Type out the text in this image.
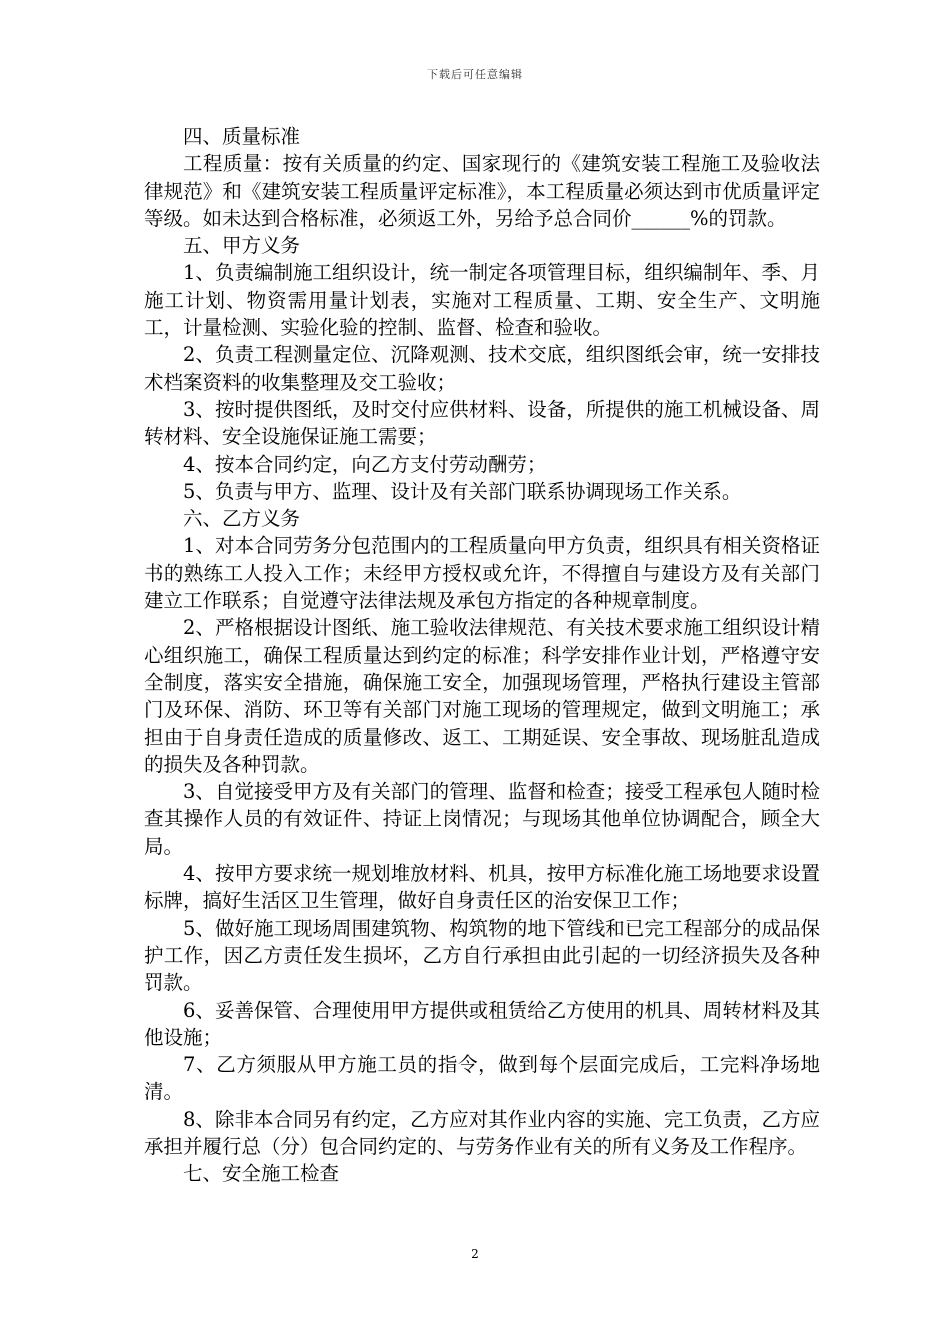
下载后可任意编辑

四、质量标准

工程质量：按有关质量的约定、国家现行的《建筑安装工程施工及验收法律规范》和《建筑安装工程质量评定标准》，本工程质量必须达到市优质量评定等级。如未达到合格标准，必须返工外，另给予总合同价______%的罚款。

五、甲方义务

1、负责编制施工组织设计，统一制定各项管理目标，组织编制年、季、月施工计划、物资需用量计划表，实施对工程质量、工期、安全生产、文明施工，计量检测、实验化验的控制、监督、检查和验收。

2、负责工程测量定位、沉降观测、技术交底，组织图纸会审，统一安排技术档案资料的收集整理及交工验收；

3、按时提供图纸，及时交付应供材料、设备，所提供的施工机械设备、周转材料、安全设施保证施工需要；

4、按本合同约定，向乙方支付劳动酬劳；

5、负责与甲方、监理、设计及有关部门联系协调现场工作关系。

六、乙方义务

1、对本合同劳务分包范围内的工程质量向甲方负责，组织具有相关资格证书的熟练工人投入工作；未经甲方授权或允许，不得擅自与建设方及有关部门建立工作联系；自觉遵守法律法规及承包方指定的各种规章制度。

2、严格根据设计图纸、施工验收法律规范、有关技术要求施工组织设计精心组织施工，确保工程质量达到约定的标准；科学安排作业计划，严格遵守安全制度，落实安全措施，确保施工安全，加强现场管理，严格执行建设主管部门及环保、消防、环卫等有关部门对施工现场的管理规定，做到文明施工；承担由于自身责任造成的质量修改、返工、工期延误、安全事故、现场脏乱造成的损失及各种罚款。

3、自觉接受甲方及有关部门的管理、监督和检查；接受工程承包人随时检查其操作人员的有效证件、持证上岗情况；与现场其他单位协调配合，顾全大局。

4、按甲方要求统一规划堆放材料、机具，按甲方标准化施工场地要求设置标牌，搞好生活区卫生管理，做好自身责任区的治安保卫工作；

5、做好施工现场周围建筑物、构筑物的地下管线和已完工程部分的成品保护工作，因乙方责任发生损坏，乙方自行承担由此引起的一切经济损失及各种罚款。

6、妥善保管、合理使用甲方提供或租赁给乙方使用的机具、周转材料及其他设施；

7、乙方须服从甲方施工员的指令，做到每个层面完成后，工完料净场地清。

8、除非本合同另有约定，乙方应对其作业内容的实施、完工负责，乙方应承担并履行总（分）包合同约定的、与劳务作业有关的所有义务及工作程序。

七、安全施工检查

2
